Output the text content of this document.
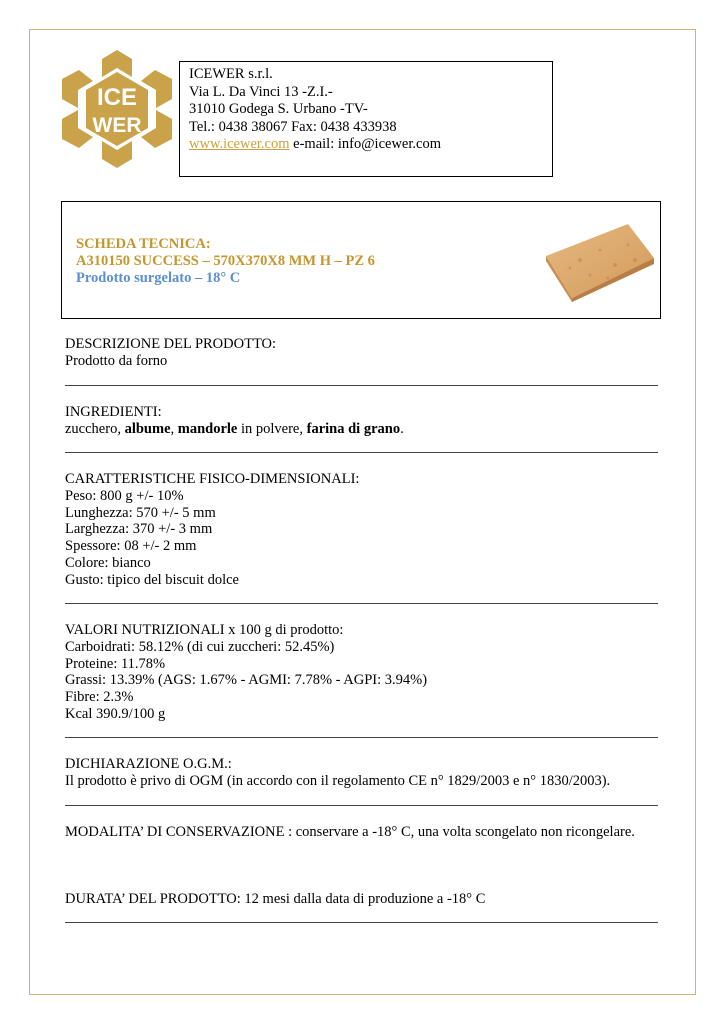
ICE
WER
ICEWER s.r.l.
Via L. Da Vinci 13 -Z.I.-
31010 Godega S. Urbano -TV-
Tel.: 0438 38067 Fax: 0438 433938
www.icewer.com e-mail: info@icewer.com
SCHEDA TECNICA:
A310150 SUCCESS – 570X370X8 MM H – PZ 6
Prodotto surgelato – 18° C
DESCRIZIONE DEL PRODOTTO:
Prodotto da forno
INGREDIENTI:
zucchero, albume, mandorle in polvere, farina di grano.
CARATTERISTICHE FISICO-DIMENSIONALI:
Peso: 800 g +/- 10%
Lunghezza: 570 +/- 5 mm
Larghezza: 370 +/- 3 mm
Spessore: 08 +/- 2 mm
Colore: bianco
Gusto: tipico del biscuit dolce
VALORI NUTRIZIONALI x 100 g di prodotto:
Carboidrati: 58.12% (di cui zuccheri: 52.45%)
Proteine: 11.78%
Grassi: 13.39% (AGS: 1.67% - AGMI: 7.78% - AGPI: 3.94%)
Fibre: 2.3%
Kcal 390.9/100 g
DICHIARAZIONE O.G.M.:
Il prodotto è privo di OGM (in accordo con il regolamento CE n° 1829/2003 e n° 1830/2003).
MODALITA’ DI CONSERVAZIONE : conservare a -18° C, una volta scongelato non ricongelare.
DURATA’ DEL PRODOTTO: 12 mesi dalla data di produzione a -18° C
